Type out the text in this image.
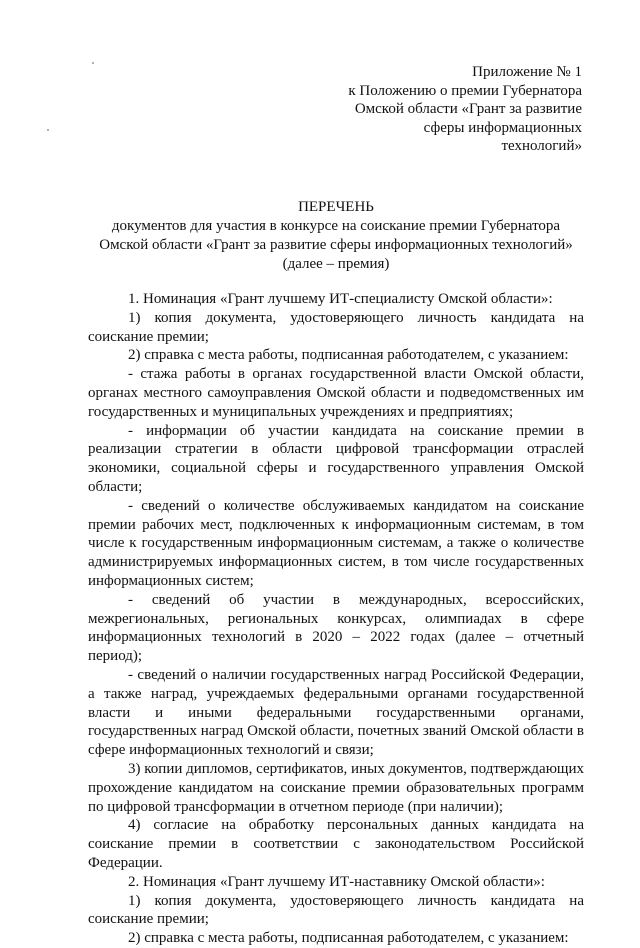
Приложение № 1
к Положению о премии Губернатора
Омской области «Грант за развитие
сферы информационных
технологий»
ПЕРЕЧЕНЬ
документов для участия в конкурсе на соискание премии Губернатора
Омской области «Грант за развитие сферы информационных технологий»
(далее – премия)
1. Номинация «Грант лучшему ИТ-специалисту Омской области»:
1) копия документа, удостоверяющего личность кандидата на соискание премии;
2) справка с места работы, подписанная работодателем, с указанием:
- стажа работы в органах государственной власти Омской области, органах местного самоуправления Омской области и подведомственных им государственных и муниципальных учреждениях и предприятиях;
- информации об участии кандидата на соискание премии в реализации стратегии в области цифровой трансформации отраслей экономики, социальной сферы и государственного управления Омской области;
- сведений о количестве обслуживаемых кандидатом на соискание премии рабочих мест, подключенных к информационным системам, в том числе к государственным информационным системам, а также о количестве администрируемых информационных систем, в том числе государственных информационных систем;
- сведений об участии в международных, всероссийских, межрегиональных, региональных конкурсах, олимпиадах в сфере информационных технологий в 2020 – 2022 годах (далее – отчетный период);
- сведений о наличии государственных наград Российской Федерации, а также наград, учреждаемых федеральными органами государственной власти и иными федеральными государственными органами, государственных наград Омской области, почетных званий Омской области в сфере информационных технологий и связи;
3) копии дипломов, сертификатов, иных документов, подтверждающих прохождение кандидатом на соискание премии образовательных программ по цифровой трансформации в отчетном периоде (при наличии);
4) согласие на обработку персональных данных кандидата на соискание премии в соответствии с законодательством Российской Федерации.
2. Номинация «Грант лучшему ИТ-наставнику Омской области»:
1) копия документа, удостоверяющего личность кандидата на соискание премии;
2) справка с места работы, подписанная работодателем, с указанием:
